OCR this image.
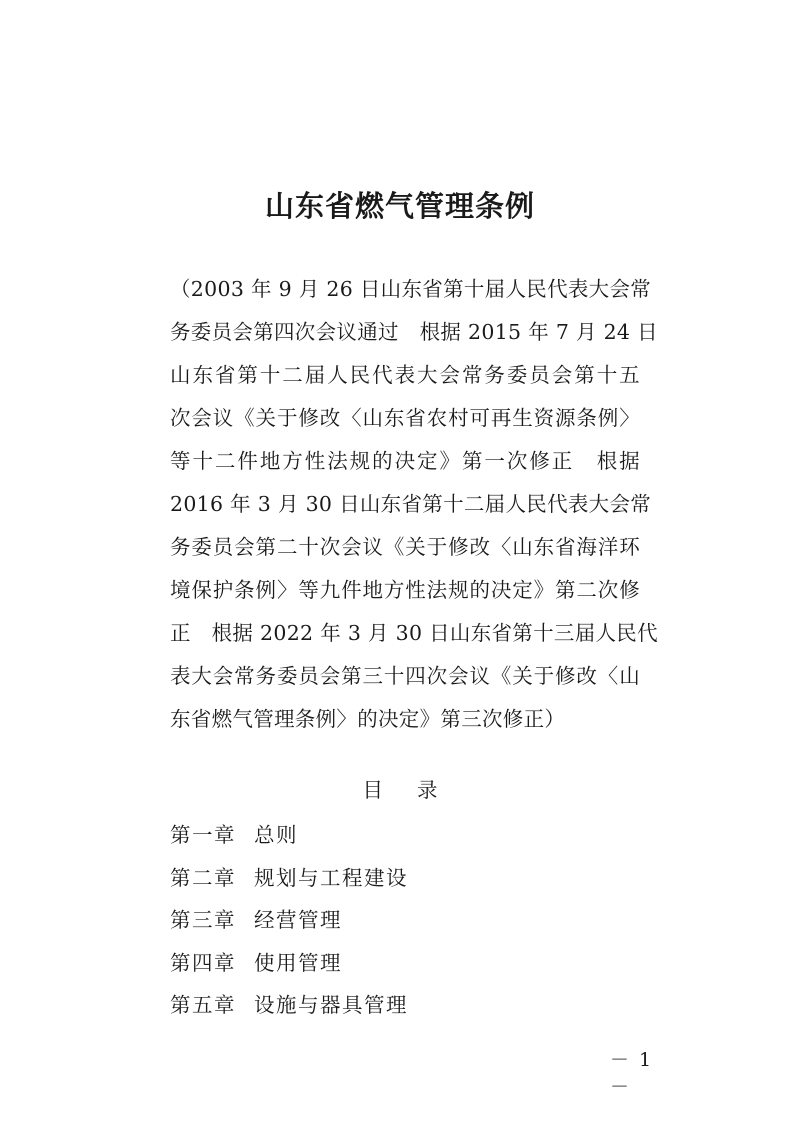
山东省燃气管理条例
（2003 年 9 月 26 日山东省第十届人民代表大会常
务委员会第四次会议通过　根据 2015 年 7 月 24 日
山东省第十二届人民代表大会常务委员会第十五
次会议《关于修改〈山东省农村可再生资源条例〉
等十二件地方性法规的决定》第一次修正　根据
2016 年 3 月 30 日山东省第十二届人民代表大会常
务委员会第二十次会议《关于修改〈山东省海洋环
境保护条例〉等九件地方性法规的决定》第二次修
正　根据 2022 年 3 月 30 日山东省第十三届人民代
表大会常务委员会第三十四次会议《关于修改〈山
东省燃气管理条例〉的决定》第三次修正）
目 录
第一章 总则
第二章 规划与工程建设
第三章 经营管理
第四章 使用管理
第五章 设施与器具管理
－ 1 －
